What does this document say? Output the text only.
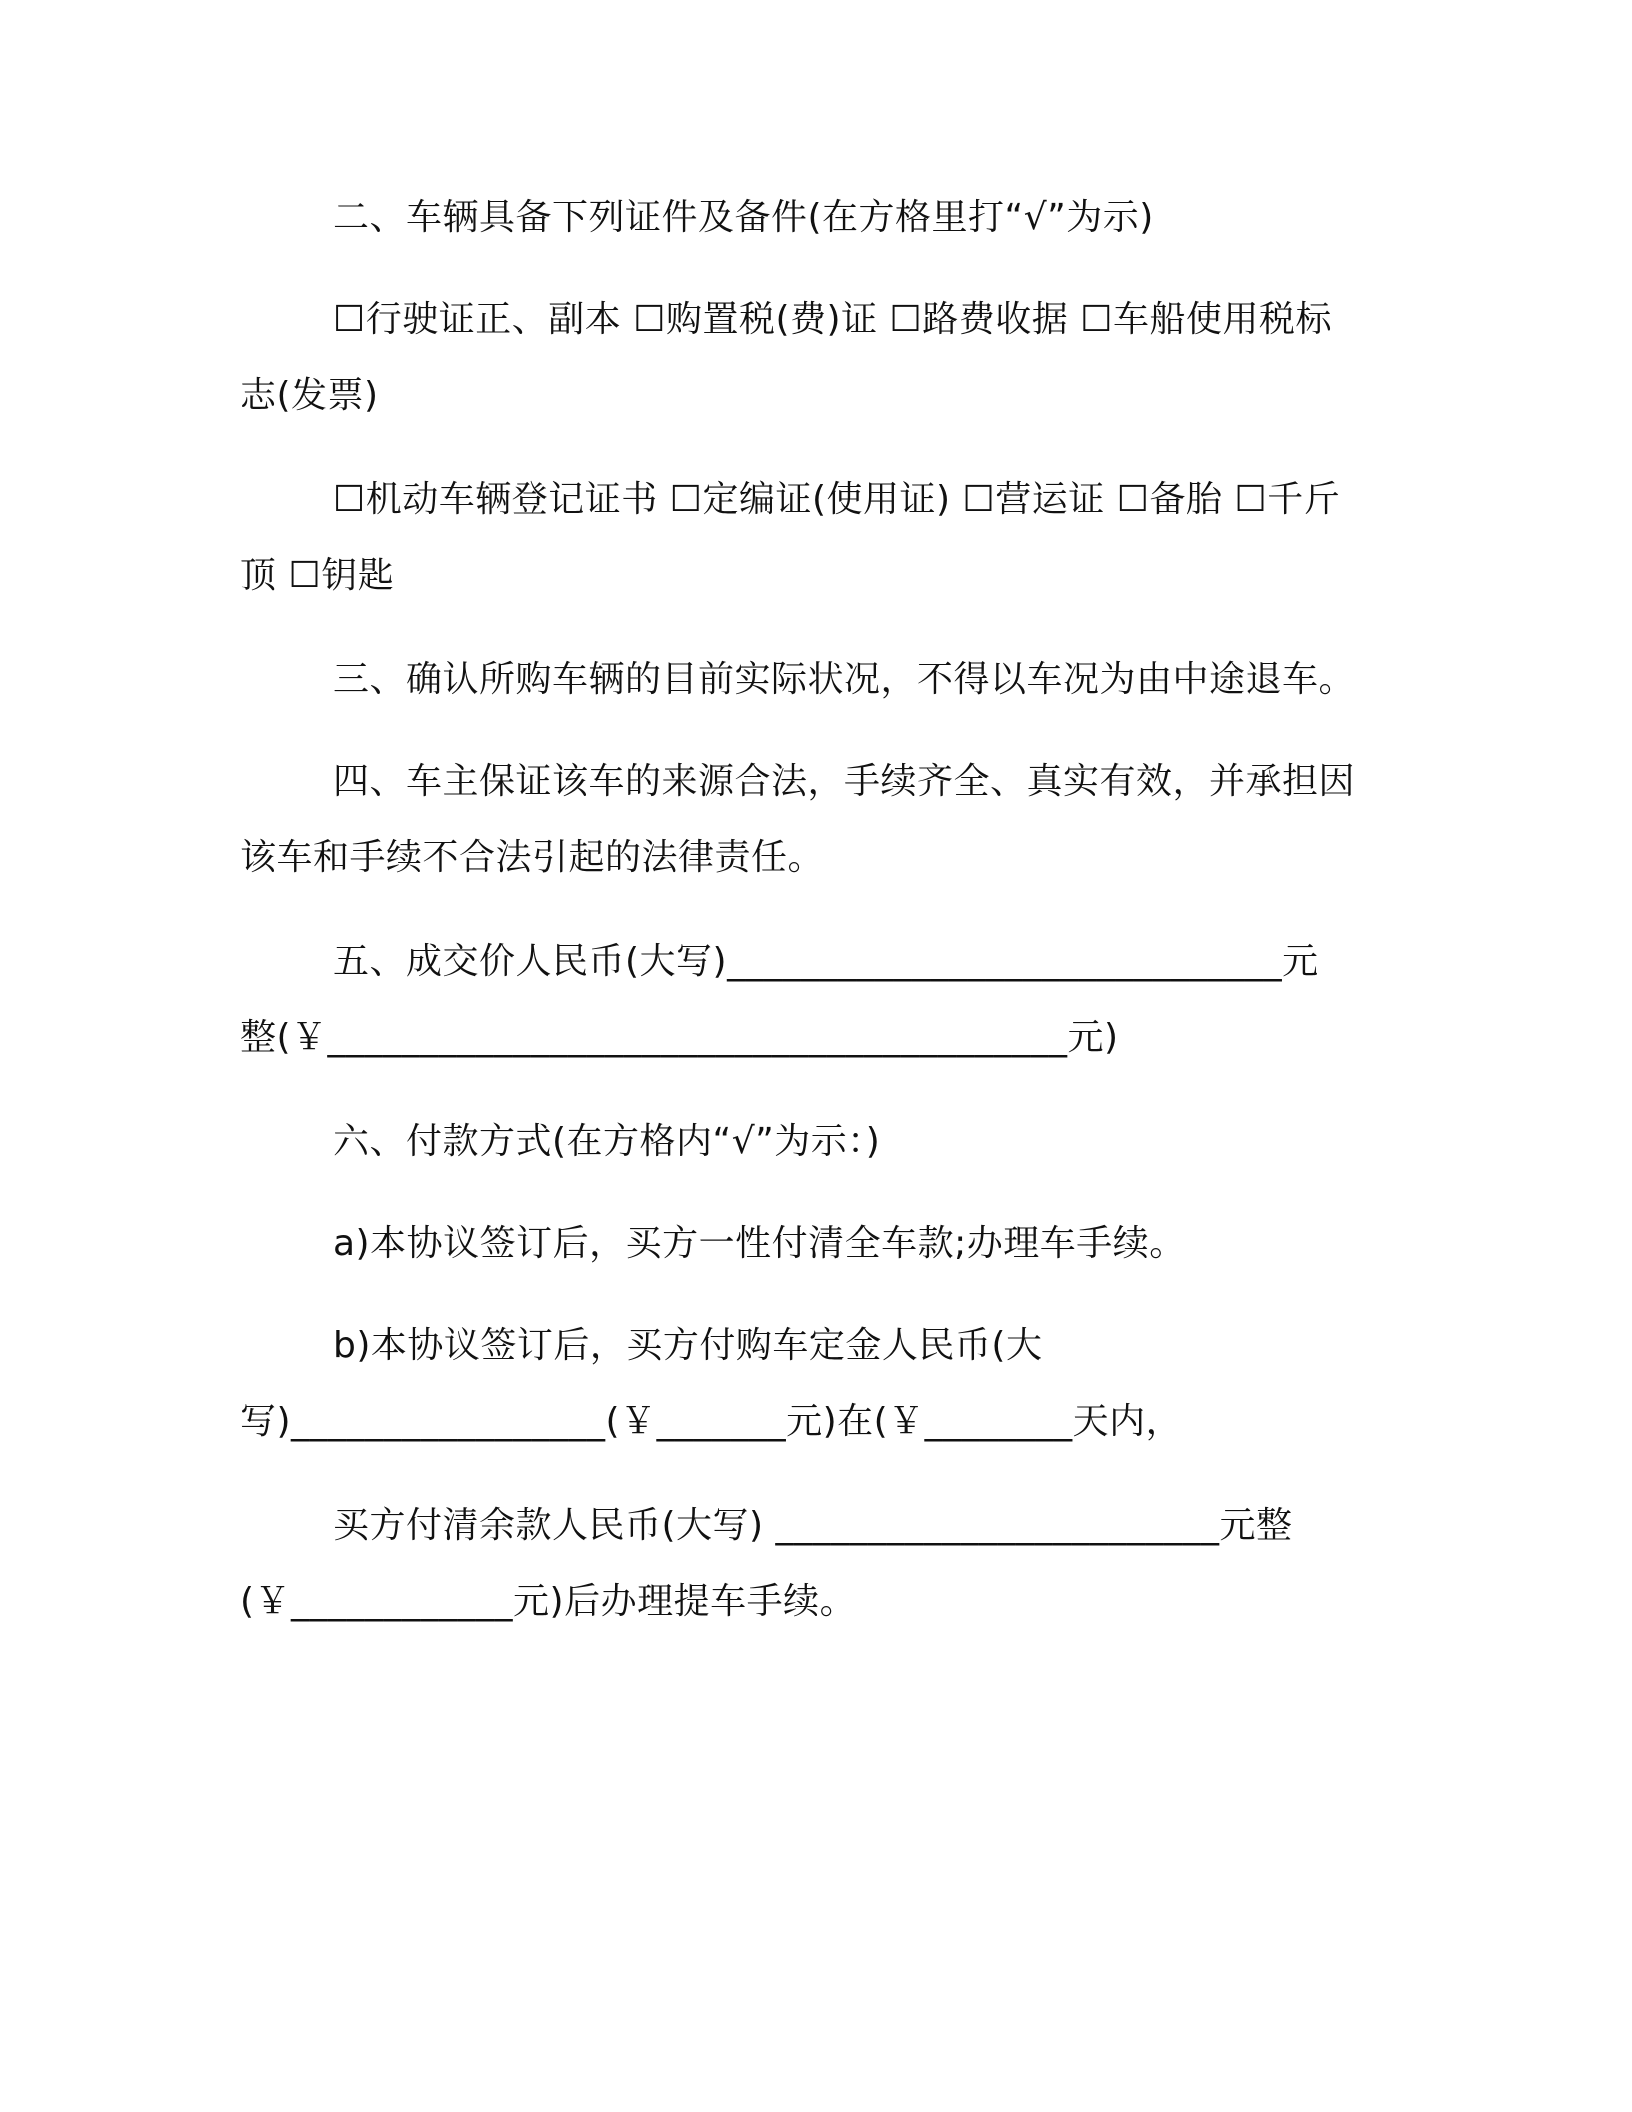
二、车辆具备下列证件及备件(在方格里打“√”为示)
☐行驶证正、副本 ☐购置税(费)证 ☐路费收据 ☐车船使用税标
志(发票)
☐机动车辆登记证书 ☐定编证(使用证) ☐营运证 ☐备胎 ☐千斤
顶 ☐钥匙
三、确认所购车辆的目前实际状况，不得以车况为由中途退车。
四、车主保证该车的来源合法，手续齐全、真实有效，并承担因
该车和手续不合法引起的法律责任。
五、成交价人民币(大写)______________________________元
整(￥________________________________________元)
六、付款方式(在方格内“√”为示：)
a)本协议签订后，买方一性付清全车款;办理车手续。
b)本协议签订后，买方付购车定金人民币(大
写)_________________(￥_______元)在(￥________天内，
买方付清余款人民币(大写) ________________________元整
(￥____________元)后办理提车手续。
